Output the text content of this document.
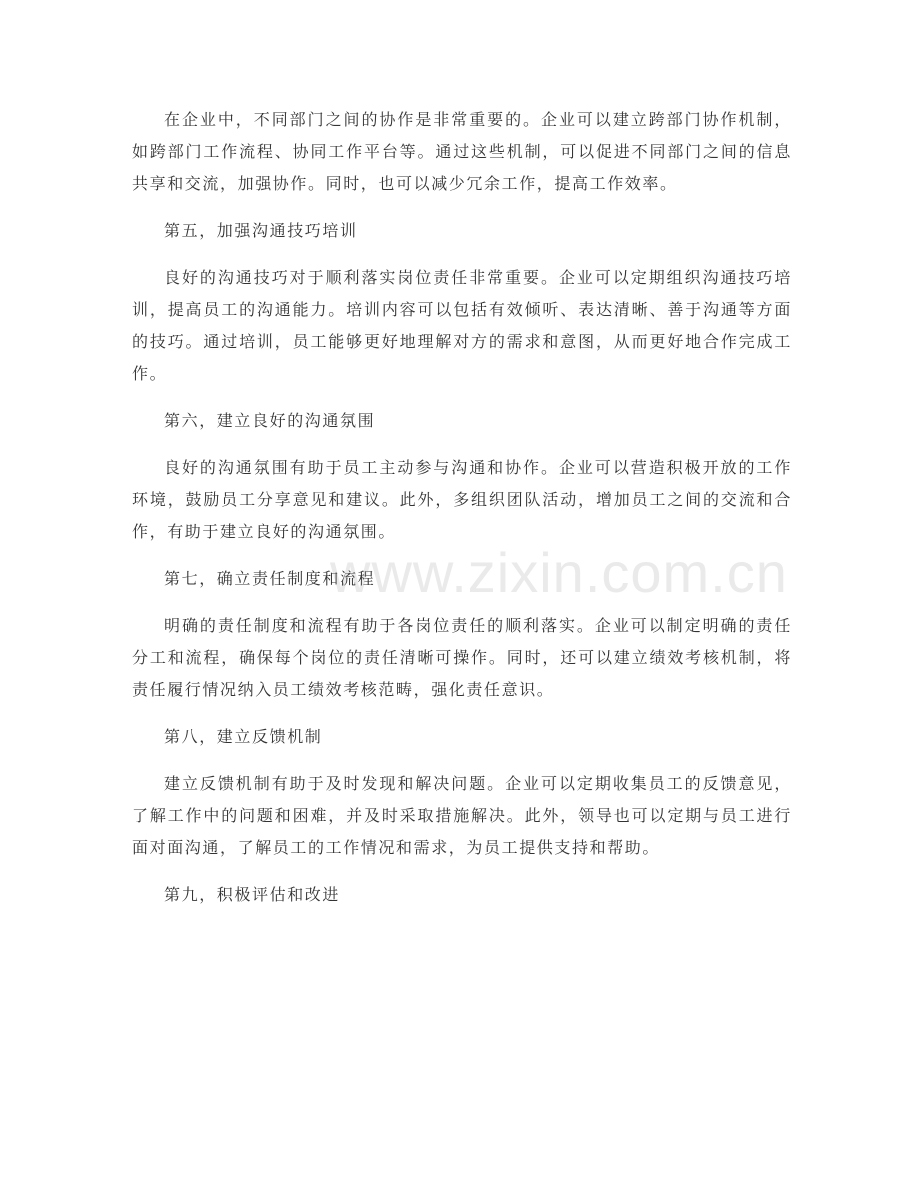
在企业中，不同部门之间的协作是非常重要的。企业可以建立跨部门协作机制，如跨部门工作流程、协同工作平台等。通过这些机制，可以促进不同部门之间的信息共享和交流，加强协作。同时，也可以减少冗余工作，提高工作效率。

第五，加强沟通技巧培训

良好的沟通技巧对于顺利落实岗位责任非常重要。企业可以定期组织沟通技巧培训，提高员工的沟通能力。培训内容可以包括有效倾听、表达清晰、善于沟通等方面的技巧。通过培训，员工能够更好地理解对方的需求和意图，从而更好地合作完成工作。

第六，建立良好的沟通氛围

良好的沟通氛围有助于员工主动参与沟通和协作。企业可以营造积极开放的工作环境，鼓励员工分享意见和建议。此外，多组织团队活动，增加员工之间的交流和合作，有助于建立良好的沟通氛围。

第七，确立责任制度和流程

明确的责任制度和流程有助于各岗位责任的顺利落实。企业可以制定明确的责任分工和流程，确保每个岗位的责任清晰可操作。同时，还可以建立绩效考核机制，将责任履行情况纳入员工绩效考核范畴，强化责任意识。

第八，建立反馈机制

建立反馈机制有助于及时发现和解决问题。企业可以定期收集员工的反馈意见，了解工作中的问题和困难，并及时采取措施解决。此外，领导也可以定期与员工进行面对面沟通，了解员工的工作情况和需求，为员工提供支持和帮助。

第九，积极评估和改进

www.zixin.com.cn
